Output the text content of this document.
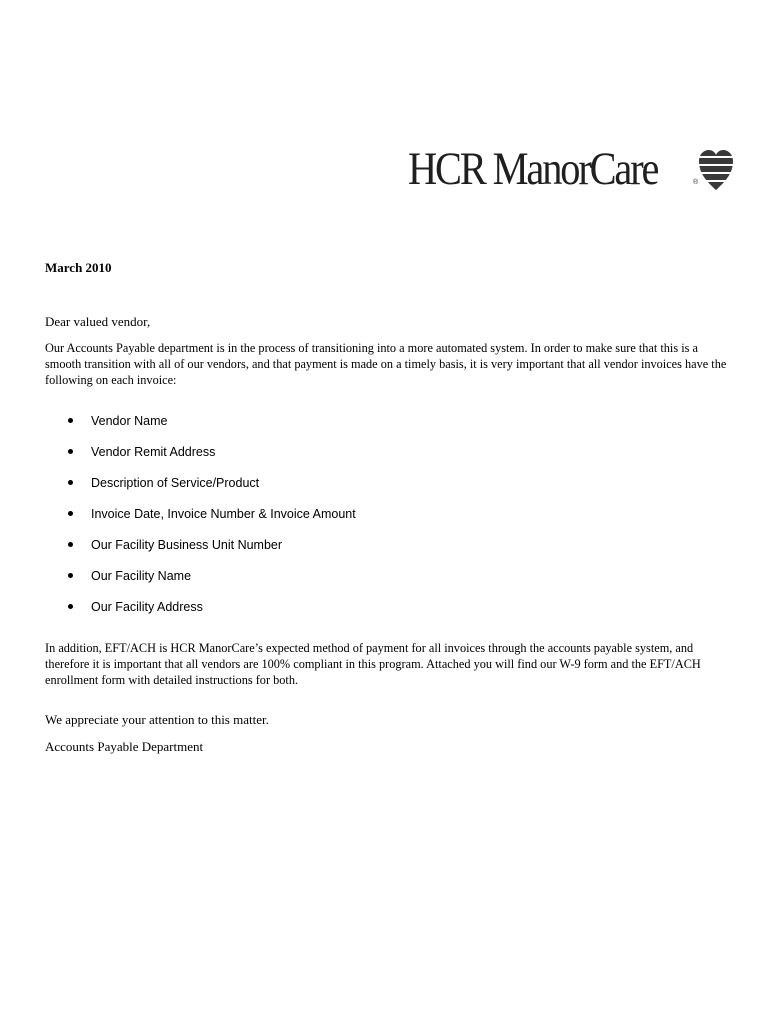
HCR ManorCare	®
March 2010
Dear valued vendor,
Our Accounts Payable department is in the process of transitioning into a more automated system. In order to make sure that this is a smooth transition with all of our vendors, and that payment is made on a timely basis, it is very important that all vendor invoices have the following on each invoice:
Vendor Name
Vendor Remit Address
Description of Service/Product
Invoice Date, Invoice Number & Invoice Amount
Our Facility Business Unit Number
Our Facility Name
Our Facility Address
In addition, EFT/ACH is HCR ManorCare’s expected method of payment for all invoices through the accounts payable system, and therefore it is important that all vendors are 100% compliant in this program. Attached you will find our W-9 form and the EFT/ACH enrollment form with detailed instructions for both.
We appreciate your attention to this matter.
Accounts Payable Department
